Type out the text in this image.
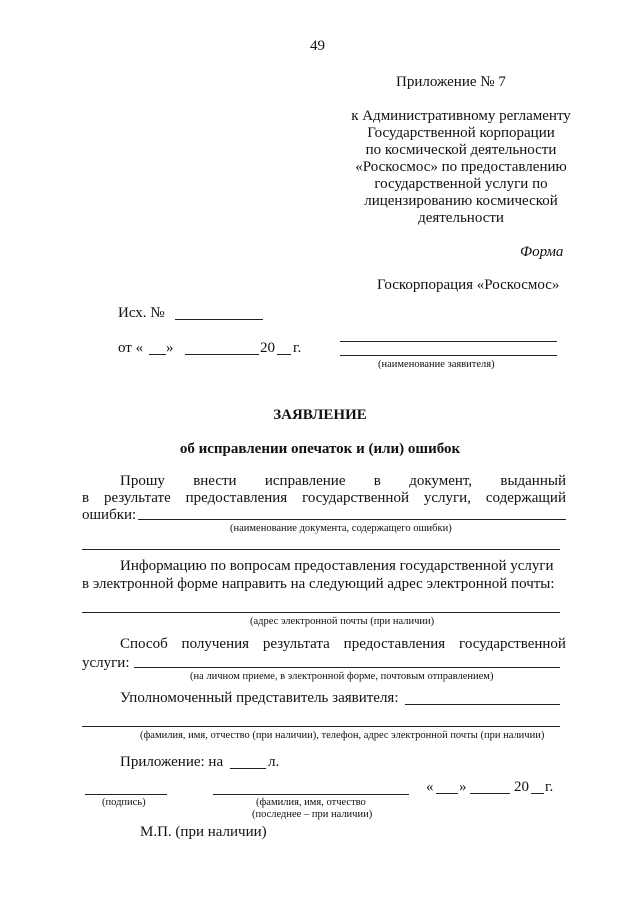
49
Приложение № 7
к Административному регламенту
Государственной корпорации
по космической деятельности
«Роскосмос» по предоставлению
государственной услуги по
лицензированию космической
деятельности
Форма
Госкорпорация «Роскосмос»
Исх. №
от « »	20 г.
(наименование заявителя)
ЗАЯВЛЕНИЕ
об исправлении опечаток и (или) ошибок
Прошу внести исправление в документ, выданный
в результате предоставления государственной услуги, содержащий
ошибки:
(наименование документа, содержащего ошибки)
Информацию по вопросам предоставления государственной услуги
в электронной форме направить на следующий адрес электронной почты:
(адрес электронной почты (при наличии)
Способ получения результата предоставления государственной
услуги:
(на личном приеме, в электронной форме, почтовым отправлением)
Уполномоченный представитель заявителя:
(фамилия, имя, отчество (при наличии), телефон, адрес электронной почты (при наличии)
Приложение: на	л.
(подпись)	(фамилия, имя, отчество
(последнее – при наличии)
« »	20 г.
М.П. (при наличии)
